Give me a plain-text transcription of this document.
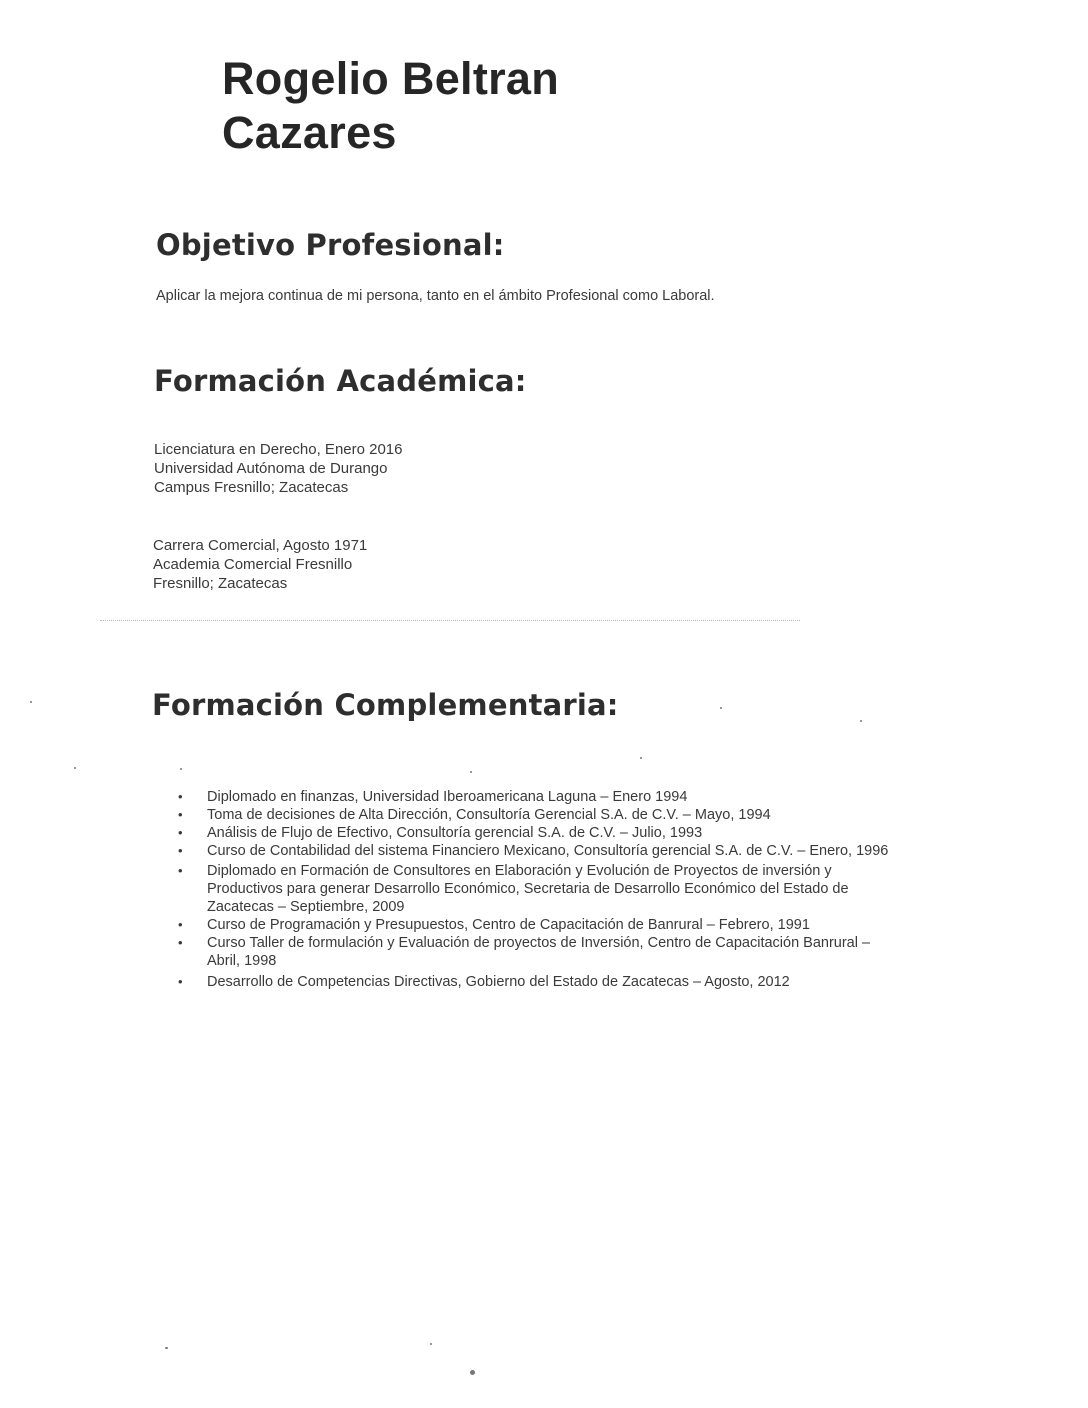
Rogelio Beltran
Cazares
Objetivo Profesional:

Aplicar la mejora continua de mi persona, tanto en el ámbito Profesional como Laboral.

Formación Académica:
Licenciatura en Derecho, Enero 2016
Universidad Autónoma de Durango
Campus Fresnillo; Zacatecas
Carrera Comercial, Agosto 1971
Academia Comercial Fresnillo
Fresnillo; Zacatecas
Formación Complementaria:
• Diplomado en finanzas, Universidad Iberoamericana Laguna – Enero 1994
• Toma de decisiones de Alta Dirección, Consultoría Gerencial S.A. de C.V. – Mayo, 1994
• Análisis de Flujo de Efectivo, Consultoría gerencial S.A. de C.V. – Julio, 1993
• Curso de Contabilidad del sistema Financiero Mexicano, Consultoría gerencial S.A. de C.V. – Enero, 1996
• Diplomado en Formación de Consultores en Elaboración y Evolución de Proyectos de inversión y Productivos para generar Desarrollo Económico, Secretaria de Desarrollo Económico del Estado de Zacatecas – Septiembre, 2009
• Curso de Programación y Presupuestos, Centro de Capacitación de Banrural – Febrero, 1991
• Curso Taller de formulación y Evaluación de proyectos de Inversión, Centro de Capacitación Banrural – Abril, 1998
• Desarrollo de Competencias Directivas, Gobierno del Estado de Zacatecas – Agosto, 2012
